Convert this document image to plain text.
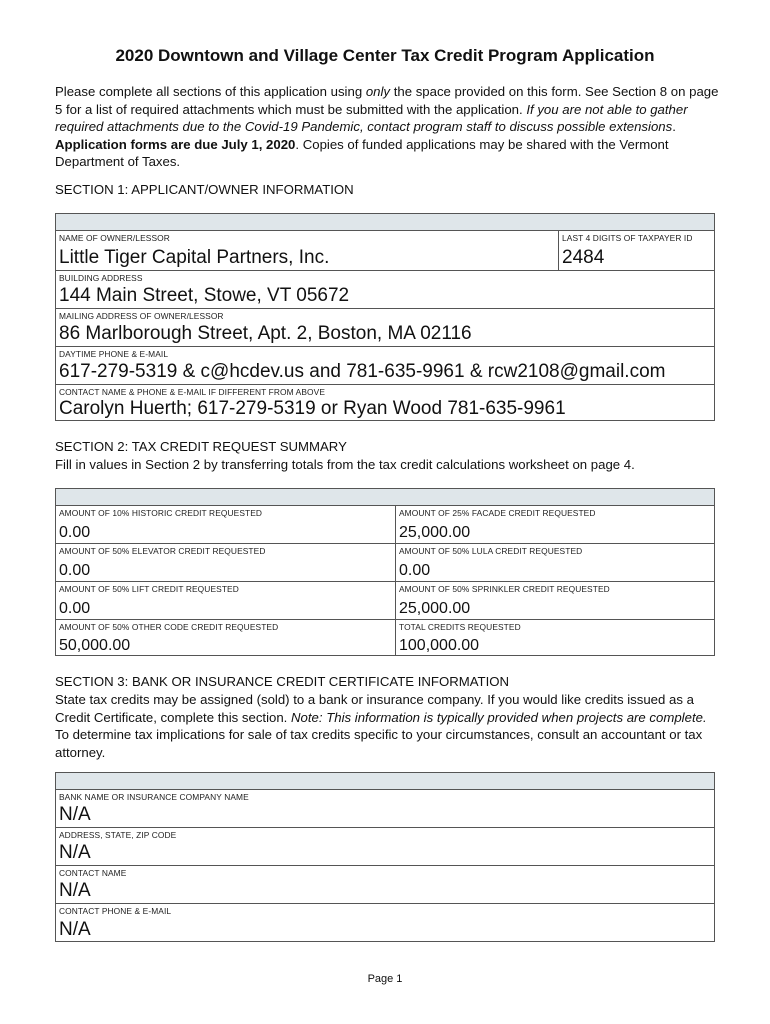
2020 Downtown and Village Center Tax Credit Program Application
Please complete all sections of this application using only the space provided on this form. See Section 8 on page 5 for a list of required attachments which must be submitted with the application. If you are not able to gather required attachments due to the Covid-19 Pandemic, contact program staff to discuss possible extensions. Application forms are due July 1, 2020. Copies of funded applications may be shared with the Vermont Department of Taxes.
SECTION 1: APPLICANT/OWNER INFORMATION
NAME OF OWNER/LESSOR
Little Tiger Capital Partners, Inc.
LAST 4 DIGITS OF TAXPAYER ID
2484
BUILDING ADDRESS
144 Main Street, Stowe, VT 05672
MAILING ADDRESS OF OWNER/LESSOR
86 Marlborough Street, Apt. 2, Boston, MA 02116
DAYTIME PHONE & E-MAIL
617-279-5319 & c@hcdev.us and 781-635-9961 & rcw2108@gmail.com
CONTACT NAME & PHONE & E-MAIL IF DIFFERENT FROM ABOVE
Carolyn Huerth; 617-279-5319 or Ryan Wood 781-635-9961
SECTION 2: TAX CREDIT REQUEST SUMMARY
Fill in values in Section 2 by transferring totals from the tax credit calculations worksheet on page 4.
AMOUNT OF 10% HISTORIC CREDIT REQUESTED
0.00
AMOUNT OF 25% FACADE CREDIT REQUESTED
25,000.00
AMOUNT OF 50% ELEVATOR CREDIT REQUESTED
0.00
AMOUNT OF 50% LULA CREDIT REQUESTED
0.00
AMOUNT OF 50% LIFT CREDIT REQUESTED
0.00
AMOUNT OF 50% SPRINKLER CREDIT REQUESTED
25,000.00
AMOUNT OF 50% OTHER CODE CREDIT REQUESTED
50,000.00
TOTAL CREDITS REQUESTED
100,000.00
SECTION 3: BANK OR INSURANCE CREDIT CERTIFICATE INFORMATION
State tax credits may be assigned (sold) to a bank or insurance company. If you would like credits issued as a Credit Certificate, complete this section. Note: This information is typically provided when projects are complete. To determine tax implications for sale of tax credits specific to your circumstances, consult an accountant or tax attorney.
BANK NAME OR INSURANCE COMPANY NAME
N/A
ADDRESS, STATE, ZIP CODE
N/A
CONTACT NAME
N/A
CONTACT PHONE & E-MAIL
N/A
Page 1
